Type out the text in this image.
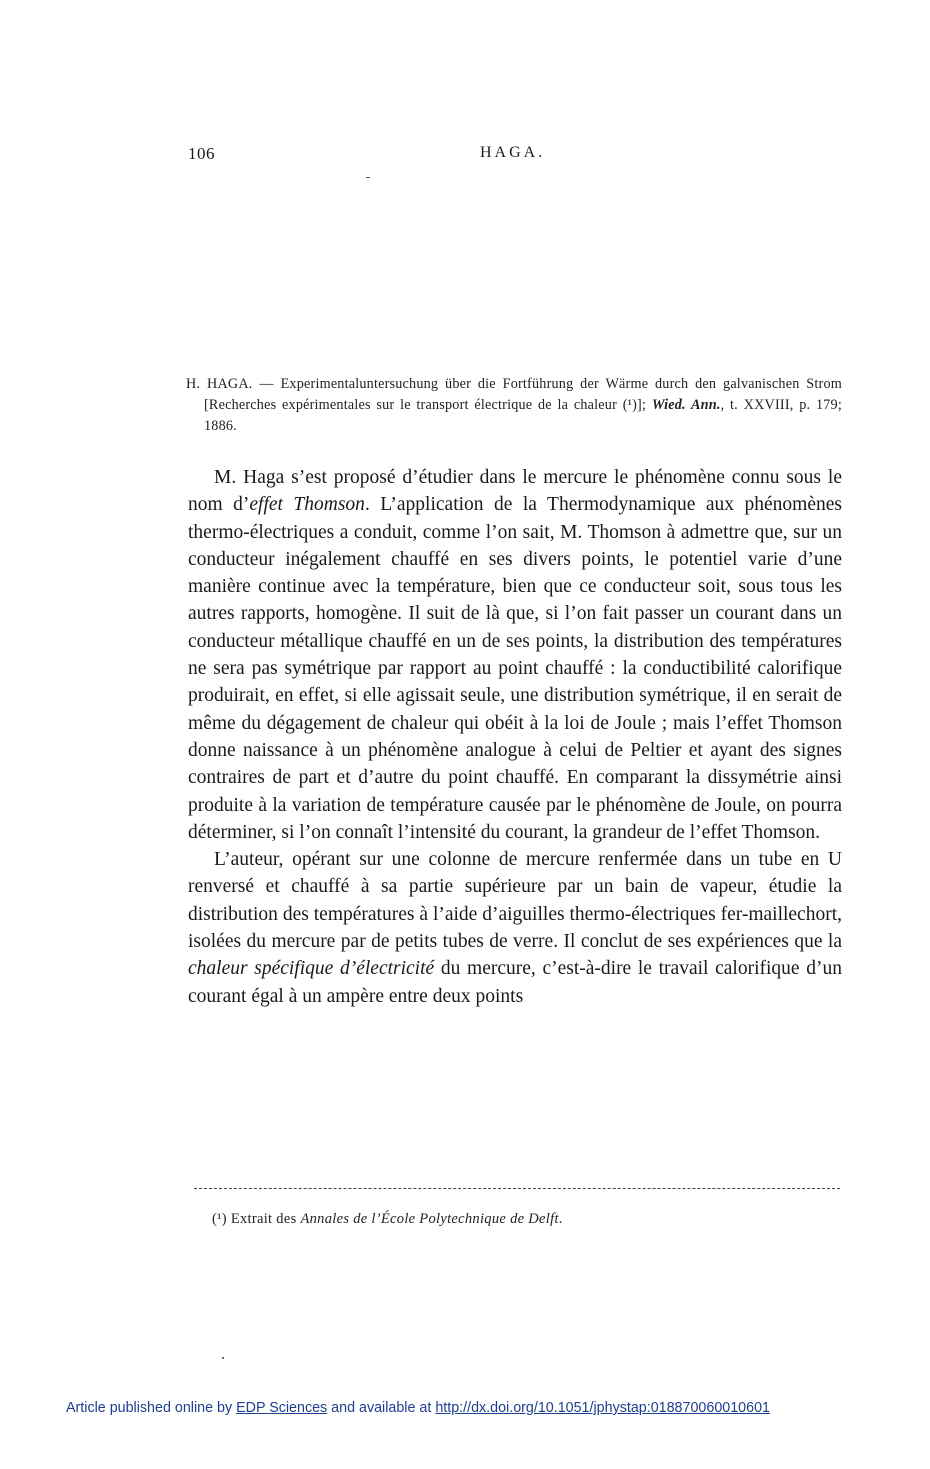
106	HAGA.
H. HAGA. — Experimentaluntersuchung über die Fortführung der Wärme durch den galvanischen Strom [Recherches expérimentales sur le transport électrique de la chaleur (¹)]; Wied. Ann., t. XXVIII, p. 179; 1886.

M. Haga s’est proposé d’étudier dans le mercure le phénomène connu sous le nom d’effet Thomson. L’application de la Thermodynamique aux phénomènes thermo-électriques a conduit, comme l’on sait, M. Thomson à admettre que, sur un conducteur inégalement chauffé en ses divers points, le potentiel varie d’une manière continue avec la température, bien que ce conducteur soit, sous tous les autres rapports, homogène. Il suit de là que, si l’on fait passer un courant dans un conducteur métallique chauffé en un de ses points, la distribution des températures ne sera pas symétrique par rapport au point chauffé : la conductibilité calorifique produirait, en effet, si elle agissait seule, une distribution symétrique, il en serait de même du dégagement de chaleur qui obéit à la loi de Joule ; mais l’effet Thomson donne naissance à un phénomène analogue à celui de Peltier et ayant des signes contraires de part et d’autre du point chauffé. En comparant la dissymétrie ainsi produite à la variation de température causée par le phénomène de Joule, on pourra déterminer, si l’on connaît l’intensité du courant, la grandeur de l’effet Thomson.

L’auteur, opérant sur une colonne de mercure renfermée dans un tube en U renversé et chauffé à sa partie supérieure par un bain de vapeur, étudie la distribution des températures à l’aide d’aiguilles thermo-électriques fer-maillechort, isolées du mercure par de petits tubes de verre. Il conclut de ses expériences que la chaleur spécifique d’électricité du mercure, c’est-à-dire le travail calorifique d’un courant égal à un ampère entre deux points

(¹) Extrait des Annales de l’École Polytechnique de Delft.
Article published online by EDP Sciences and available at http://dx.doi.org/10.1051/jphystap:018870060010601
